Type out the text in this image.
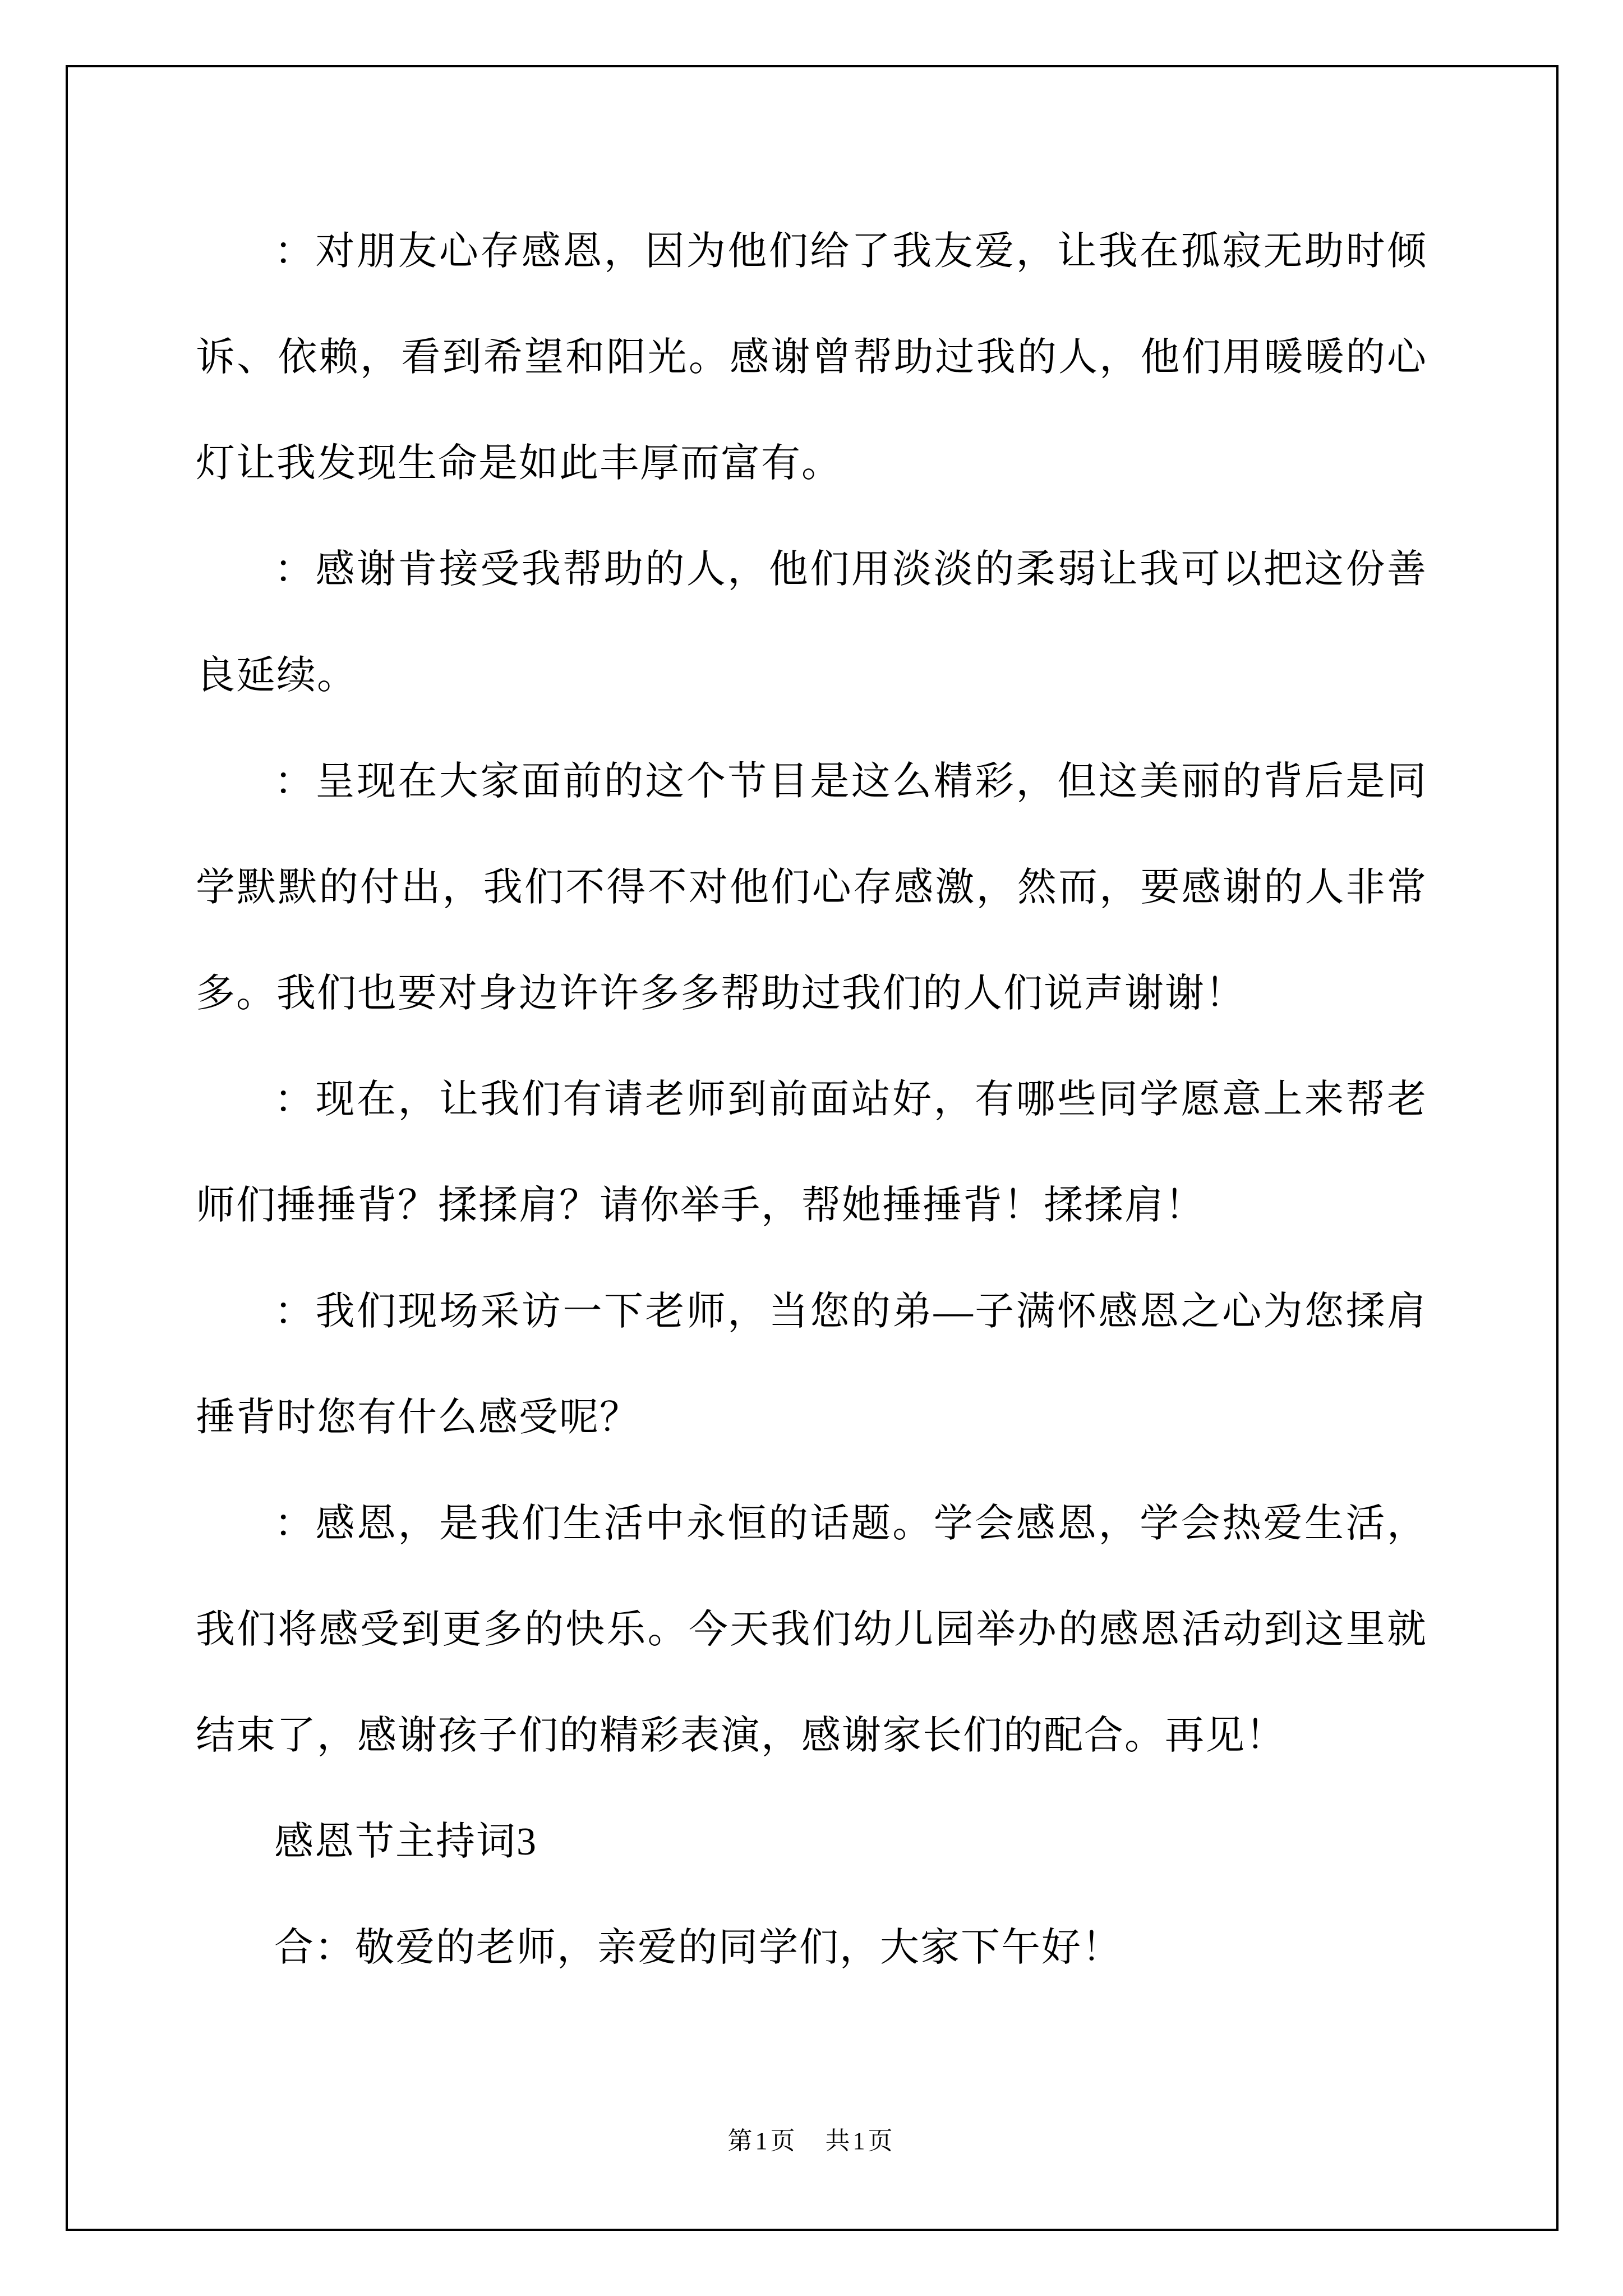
：对朋友心存感恩，因为他们给了我友爱，让我在孤寂无助时倾诉、依赖，看到希望和阳光。感谢曾帮助过我的人，他们用暖暖的心灯让我发现生命是如此丰厚而富有。

：感谢肯接受我帮助的人，他们用淡淡的柔弱让我可以把这份善良延续。

：呈现在大家面前的这个节目是这么精彩，但这美丽的背后是同学默默的付出，我们不得不对他们心存感激，然而，要感谢的人非常多。我们也要对身边许许多多帮助过我们的人们说声谢谢！

：现在，让我们有请老师到前面站好，有哪些同学愿意上来帮老师们捶捶背？揉揉肩？请你举手，帮她捶捶背！揉揉肩！

：我们现场采访一下老师，当您的弟—子满怀感恩之心为您揉肩捶背时您有什么感受呢？

：感恩，是我们生活中永恒的话题。学会感恩，学会热爱生活，我们将感受到更多的快乐。今天我们幼儿园举办的感恩活动到这里就结束了，感谢孩子们的精彩表演，感谢家长们的配合。再见！

感恩节主持词3

合：敬爱的老师，亲爱的同学们，大家下午好！

第1页　共1页
